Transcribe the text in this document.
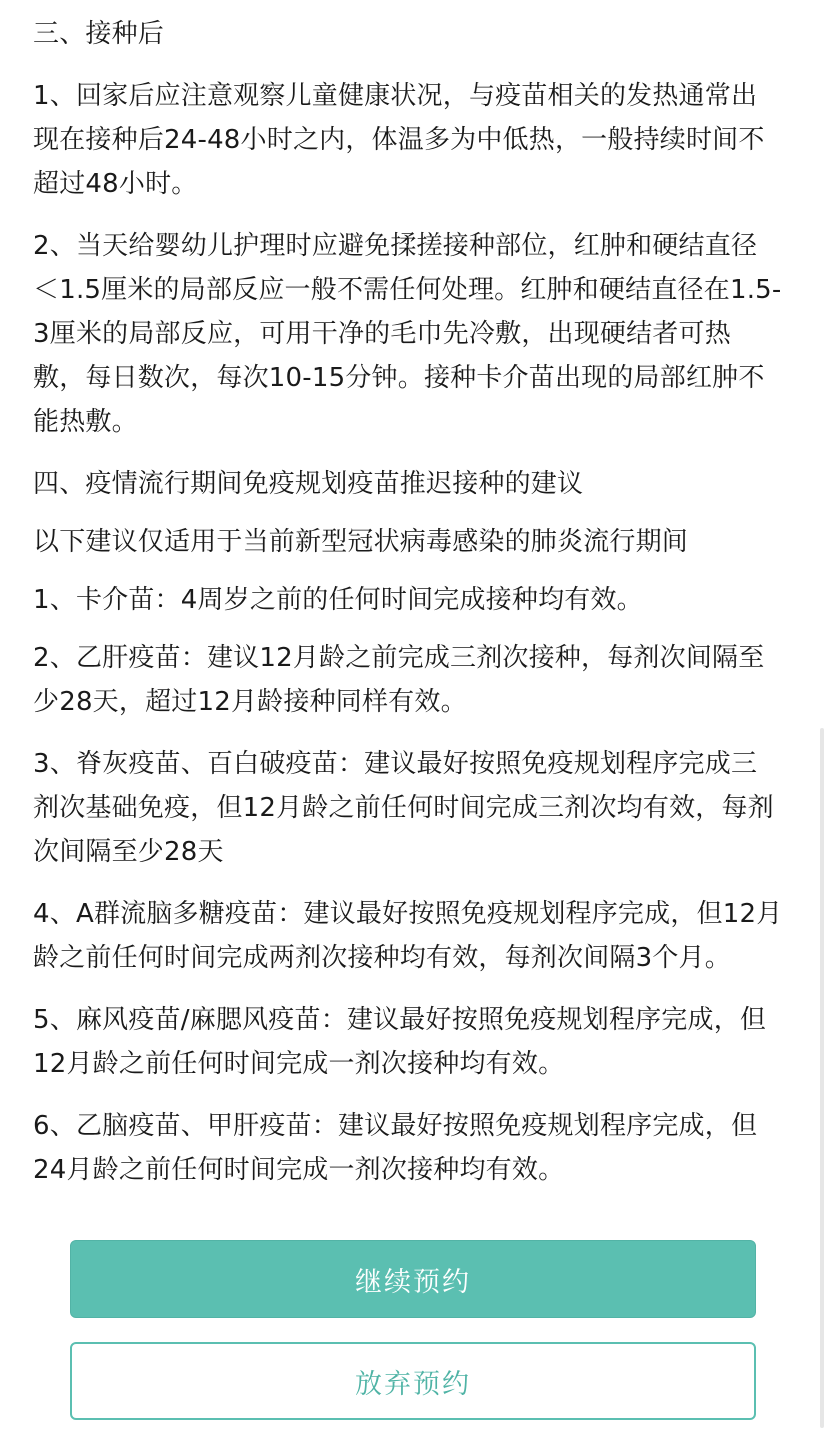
三、接种后

1、回家后应注意观察儿童健康状况，与疫苗相关的发热通常出现在接种后24-48小时之内，体温多为中低热，一般持续时间不超过48小时。

2、当天给婴幼儿护理时应避免揉搓接种部位，红肿和硬结直径＜1.5厘米的局部反应一般不需任何处理。红肿和硬结直径在1.5-3厘米的局部反应，可用干净的毛巾先冷敷，出现硬结者可热敷，每日数次，每次10-15分钟。接种卡介苗出现的局部红肿不能热敷。

四、疫情流行期间免疫规划疫苗推迟接种的建议

以下建议仅适用于当前新型冠状病毒感染的肺炎流行期间

1、卡介苗：4周岁之前的任何时间完成接种均有效。

2、乙肝疫苗：建议12月龄之前完成三剂次接种，每剂次间隔至少28天，超过12月龄接种同样有效。

3、脊灰疫苗、百白破疫苗：建议最好按照免疫规划程序完成三剂次基础免疫，但12月龄之前任何时间完成三剂次均有效，每剂次间隔至少28天

4、A群流脑多糖疫苗：建议最好按照免疫规划程序完成，但12月龄之前任何时间完成两剂次接种均有效，每剂次间隔3个月。

5、麻风疫苗/麻腮风疫苗：建议最好按照免疫规划程序完成，但12月龄之前任何时间完成一剂次接种均有效。

6、乙脑疫苗、甲肝疫苗：建议最好按照免疫规划程序完成，但24月龄之前任何时间完成一剂次接种均有效。

继续预约
放弃预约
